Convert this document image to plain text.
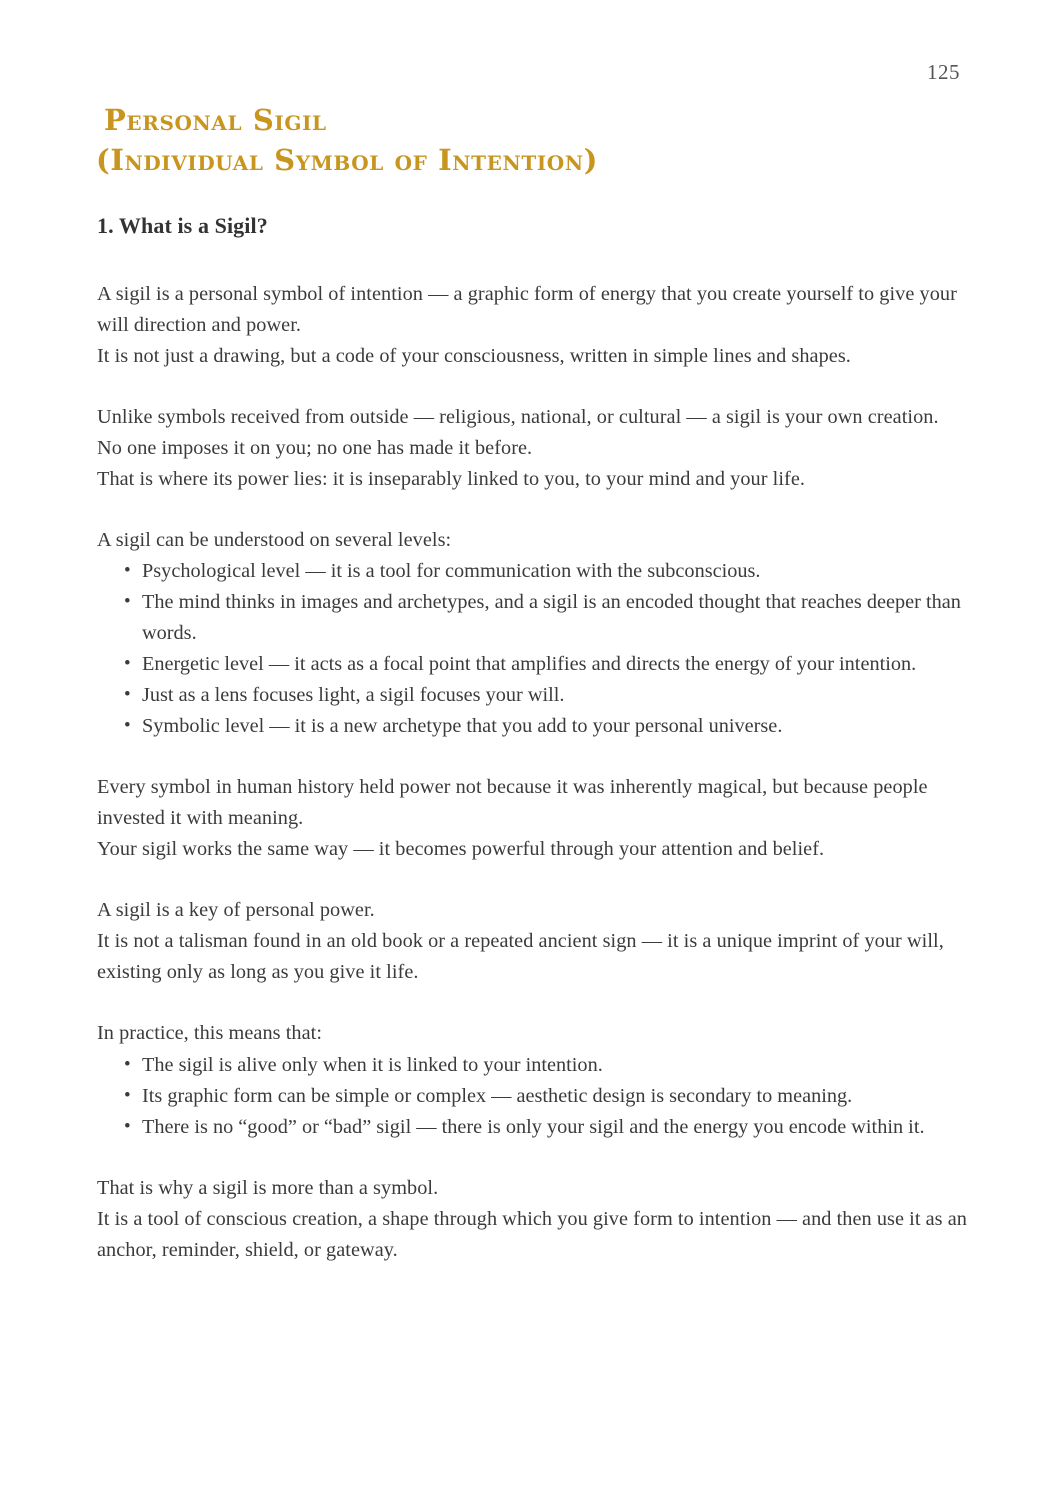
125
Personal Sigil
(Individual Symbol of Intention)
1. What is a Sigil?

A sigil is a personal symbol of intention — a graphic form of energy that you create yourself to give your will direction and power.

It is not just a drawing, but a code of your consciousness, written in simple lines and shapes.

Unlike symbols received from outside — religious, national, or cultural — a sigil is your own creation.

No one imposes it on you; no one has made it before.

That is where its power lies: it is inseparably linked to you, to your mind and your life.

A sigil can be understood on several levels:

• Psychological level — it is a tool for communication with the subconscious.
• The mind thinks in images and archetypes, and a sigil is an encoded thought that reaches deeper than words.
• Energetic level — it acts as a focal point that amplifies and directs the energy of your intention.
• Just as a lens focuses light, a sigil focuses your will.
• Symbolic level — it is a new archetype that you add to your personal universe.

Every symbol in human history held power not because it was inherently magical, but because people invested it with meaning.

Your sigil works the same way — it becomes powerful through your attention and belief.

A sigil is a key of personal power.

It is not a talisman found in an old book or a repeated ancient sign — it is a unique imprint of your will, existing only as long as you give it life.

In practice, this means that:

• The sigil is alive only when it is linked to your intention.
• Its graphic form can be simple or complex — aesthetic design is secondary to meaning.
• There is no “good” or “bad” sigil — there is only your sigil and the energy you encode within it.

That is why a sigil is more than a symbol.

It is a tool of conscious creation, a shape through which you give form to intention — and then use it as an anchor, reminder, shield, or gateway.
